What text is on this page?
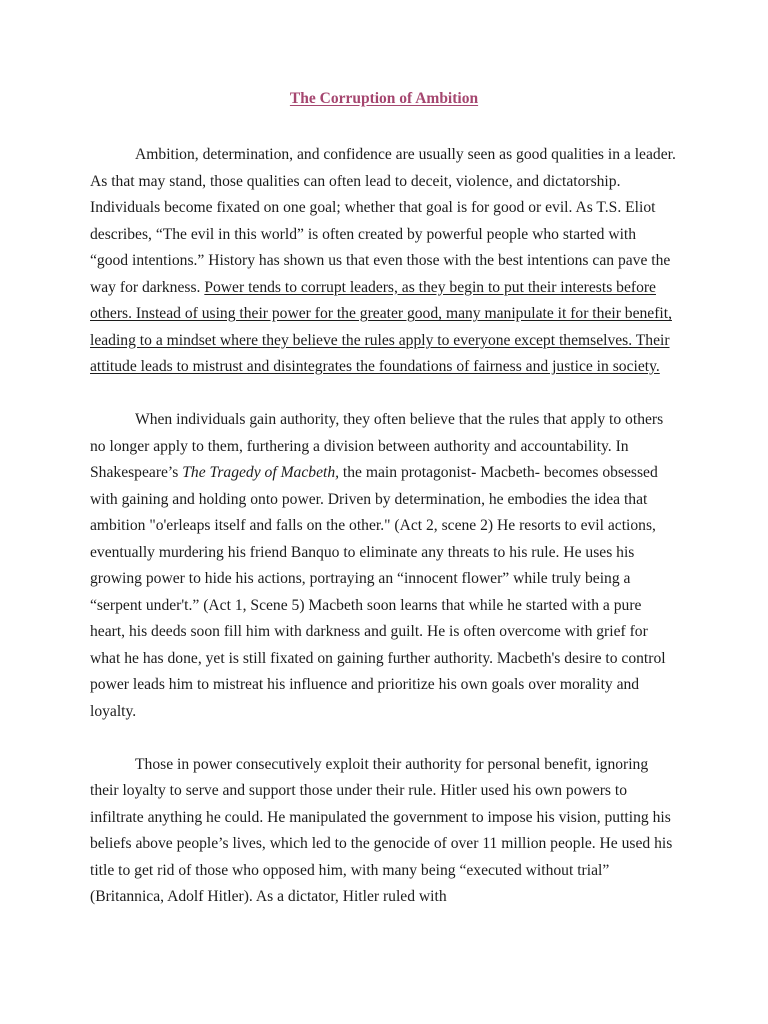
The Corruption of Ambition

Ambition, determination, and confidence are usually seen as good qualities in a leader. As that may stand, those qualities can often lead to deceit, violence, and dictatorship. Individuals become fixated on one goal; whether that goal is for good or evil. As T.S. Eliot describes, “The evil in this world” is often created by powerful people who started with “good intentions.” History has shown us that even those with the best intentions can pave the way for darkness. Power tends to corrupt leaders, as they begin to put their interests before others. Instead of using their power for the greater good, many manipulate it for their benefit, leading to a mindset where they believe the rules apply to everyone except themselves. Their attitude leads to mistrust and disintegrates the foundations of fairness and justice in society.

When individuals gain authority, they often believe that the rules that apply to others no longer apply to them, furthering a division between authority and accountability. In Shakespeare’s The Tragedy of Macbeth, the main protagonist- Macbeth- becomes obsessed with gaining and holding onto power. Driven by determination, he embodies the idea that ambition "o'erleaps itself and falls on the other." (Act 2, scene 2) He resorts to evil actions, eventually murdering his friend Banquo to eliminate any threats to his rule. He uses his growing power to hide his actions, portraying an “innocent flower” while truly being a “serpent under't.” (Act 1, Scene 5) Macbeth soon learns that while he started with a pure heart, his deeds soon fill him with darkness and guilt. He is often overcome with grief for what he has done, yet is still fixated on gaining further authority. Macbeth's desire to control power leads him to mistreat his influence and prioritize his own goals over morality and loyalty.

Those in power consecutively exploit their authority for personal benefit, ignoring their loyalty to serve and support those under their rule. Hitler used his own powers to infiltrate anything he could. He manipulated the government to impose his vision, putting his beliefs above people’s lives, which led to the genocide of over 11 million people. He used his title to get rid of those who opposed him, with many being “executed without trial” (Britannica, Adolf Hitler). As a dictator, Hitler ruled with
